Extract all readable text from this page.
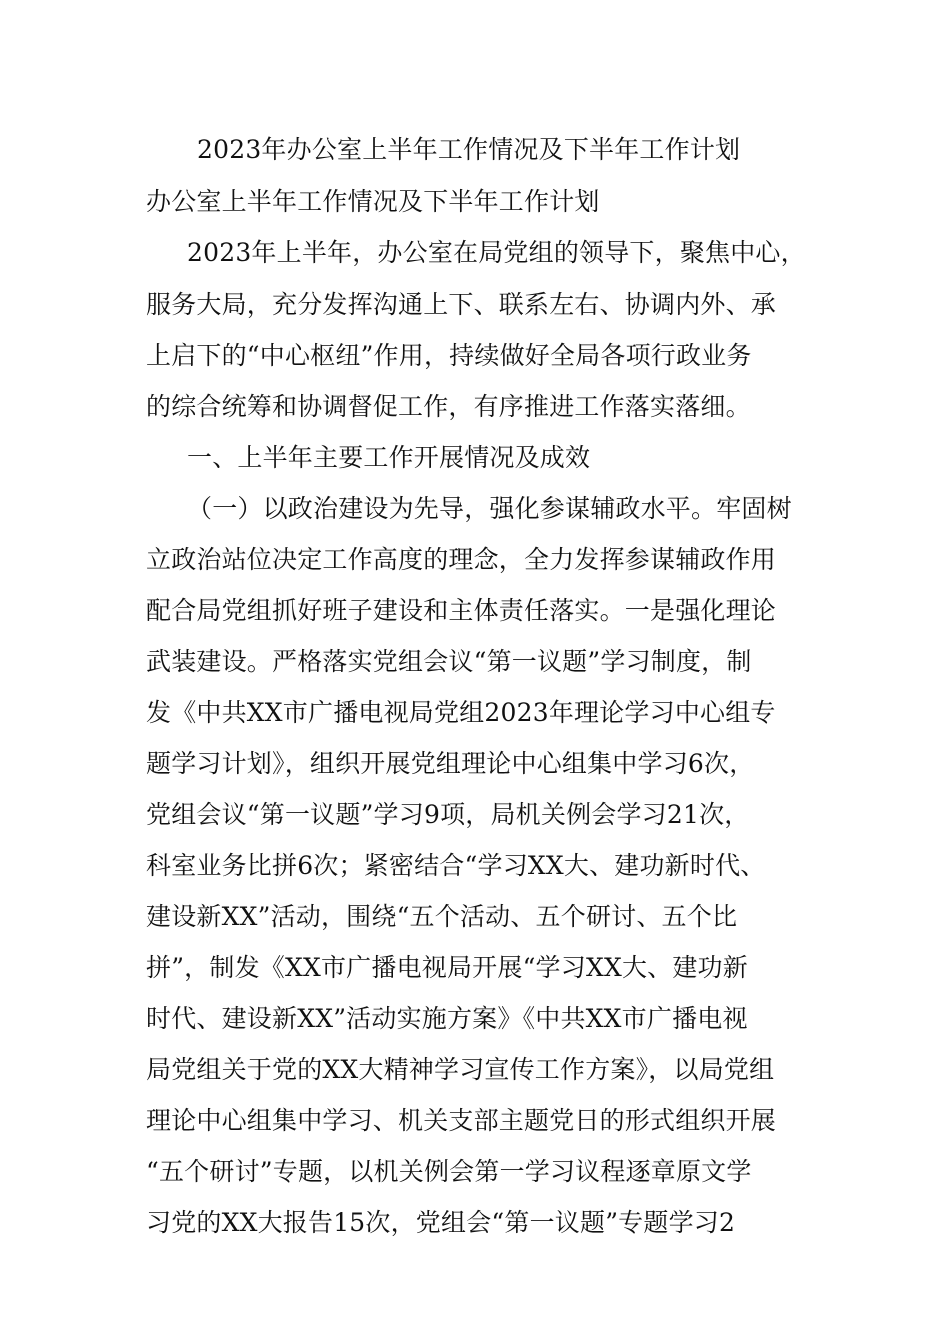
2023年办公室上半年工作情况及下半年工作计划
办公室上半年工作情况及下半年工作计划
2023年上半年，办公室在局党组的领导下，聚焦中心，
服务大局，充分发挥沟通上下、联系左右、协调内外、承
上启下的“中心枢纽”作用，持续做好全局各项行政业务
的综合统筹和协调督促工作，有序推进工作落实落细。
一、上半年主要工作开展情况及成效
（一）以政治建设为先导，强化参谋辅政水平。牢固树
立政治站位决定工作高度的理念，全力发挥参谋辅政作用
配合局党组抓好班子建设和主体责任落实。一是强化理论
武装建设。严格落实党组会议“第一议题”学习制度，制
发《中共XX市广播电视局党组2023年理论学习中心组专
题学习计划》，组织开展党组理论中心组集中学习6次，
党组会议“第一议题”学习9项，局机关例会学习21次，
科室业务比拼6次；紧密结合“学习XX大、建功新时代、
建设新XX”活动，围绕“五个活动、五个研讨、五个比
拼”，制发《XX市广播电视局开展“学习XX大、建功新
时代、建设新XX”活动实施方案》《中共XX市广播电视
局党组关于党的XX大精神学习宣传工作方案》，以局党组
理论中心组集中学习、机关支部主题党日的形式组织开展
“五个研讨”专题，以机关例会第一学习议程逐章原文学
习党的XX大报告15次，党组会“第一议题”专题学习2
